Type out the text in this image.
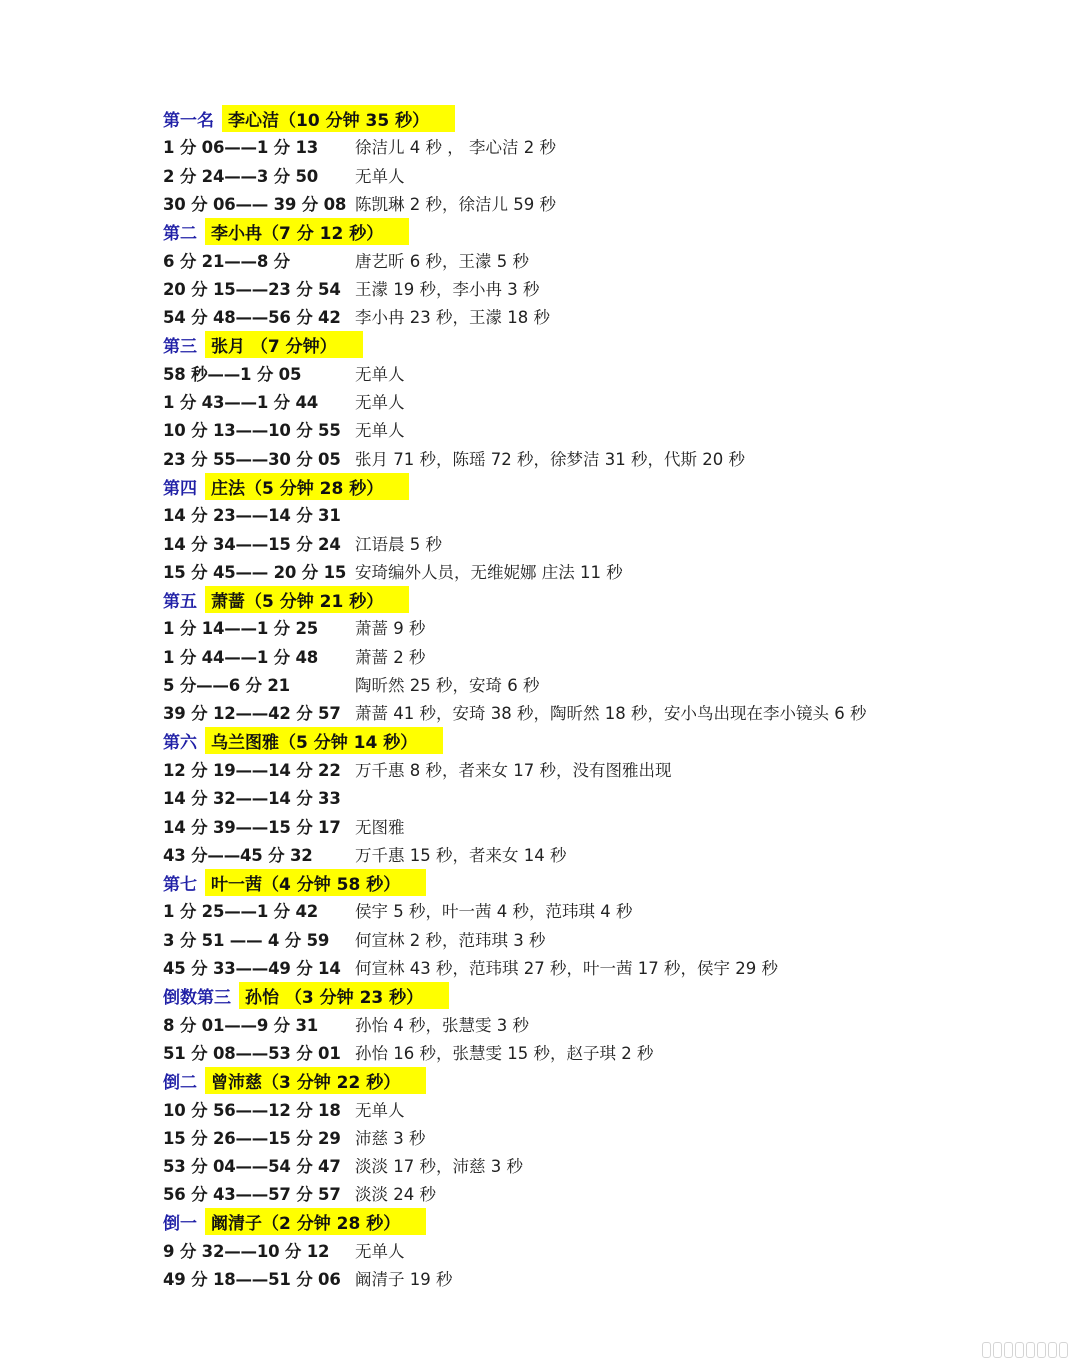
第一名 李心洁（10 分钟 35 秒）
1 分 06——1 分 13	徐洁儿 4 秒 ， 李心洁 2 秒
2 分 24——3 分 50	无单人
30 分 06—— 39 分 08 陈凯琳 2 秒，徐洁儿 59 秒
第二 李小冉（7 分 12 秒）
6 分 21——8 分	唐艺昕 6 秒，王濛 5 秒
20 分 15——23 分 54 王濛 19 秒，李小冉 3 秒
54 分 48——56 分 42 李小冉 23 秒，王濛 18 秒
第三 张月 （7 分钟）
58 秒——1 分 05	无单人
1 分 43——1 分 44	无单人
10 分 13——10 分 55 无单人
23 分 55——30 分 05 张月 71 秒，陈瑶 72 秒，徐梦洁 31 秒，代斯 20 秒
第四 庄法（5 分钟 28 秒）
14 分 23——14 分 31
14 分 34——15 分 24 江语晨 5 秒
15 分 45—— 20 分 15 安琦编外人员，无维妮娜 庄法 11 秒
第五 萧蔷（5 分钟 21 秒）
1 分 14——1 分 25	萧蔷 9 秒
1 分 44——1 分 48	萧蔷 2 秒
5 分——6 分 21	陶昕然 25 秒，安琦 6 秒
39 分 12——42 分 57 萧蔷 41 秒，安琦 38 秒，陶昕然 18 秒，安小鸟出现在李小镜头 6 秒
第六 乌兰图雅（5 分钟 14 秒）
12 分 19——14 分 22 万千惠 8 秒，者来女 17 秒，没有图雅出现
14 分 32——14 分 33
14 分 39——15 分 17 无图雅
43 分——45 分 32	万千惠 15 秒，者来女 14 秒
第七 叶一茜（4 分钟 58 秒）
1 分 25——1 分 42	侯宇 5 秒，叶一茜 4 秒，范玮琪 4 秒
3 分 51 —— 4 分 59	何宣林 2 秒，范玮琪 3 秒
45 分 33——49 分 14 何宣林 43 秒，范玮琪 27 秒，叶一茜 17 秒，侯宇 29 秒
倒数第三 孙怡 （3 分钟 23 秒）
8 分 01——9 分 31	孙怡 4 秒，张慧雯 3 秒
51 分 08——53 分 01 孙怡 16 秒，张慧雯 15 秒，赵子琪 2 秒
倒二 曾沛慈（3 分钟 22 秒）
10 分 56——12 分 18 无单人
15 分 26——15 分 29 沛慈 3 秒
53 分 04——54 分 47 淡淡 17 秒，沛慈 3 秒
56 分 43——57 分 57 淡淡 24 秒
倒一 阚清子（2 分钟 28 秒）
9 分 32——10 分 12	无单人
49 分 18——51 分 06 阚清子 19 秒
